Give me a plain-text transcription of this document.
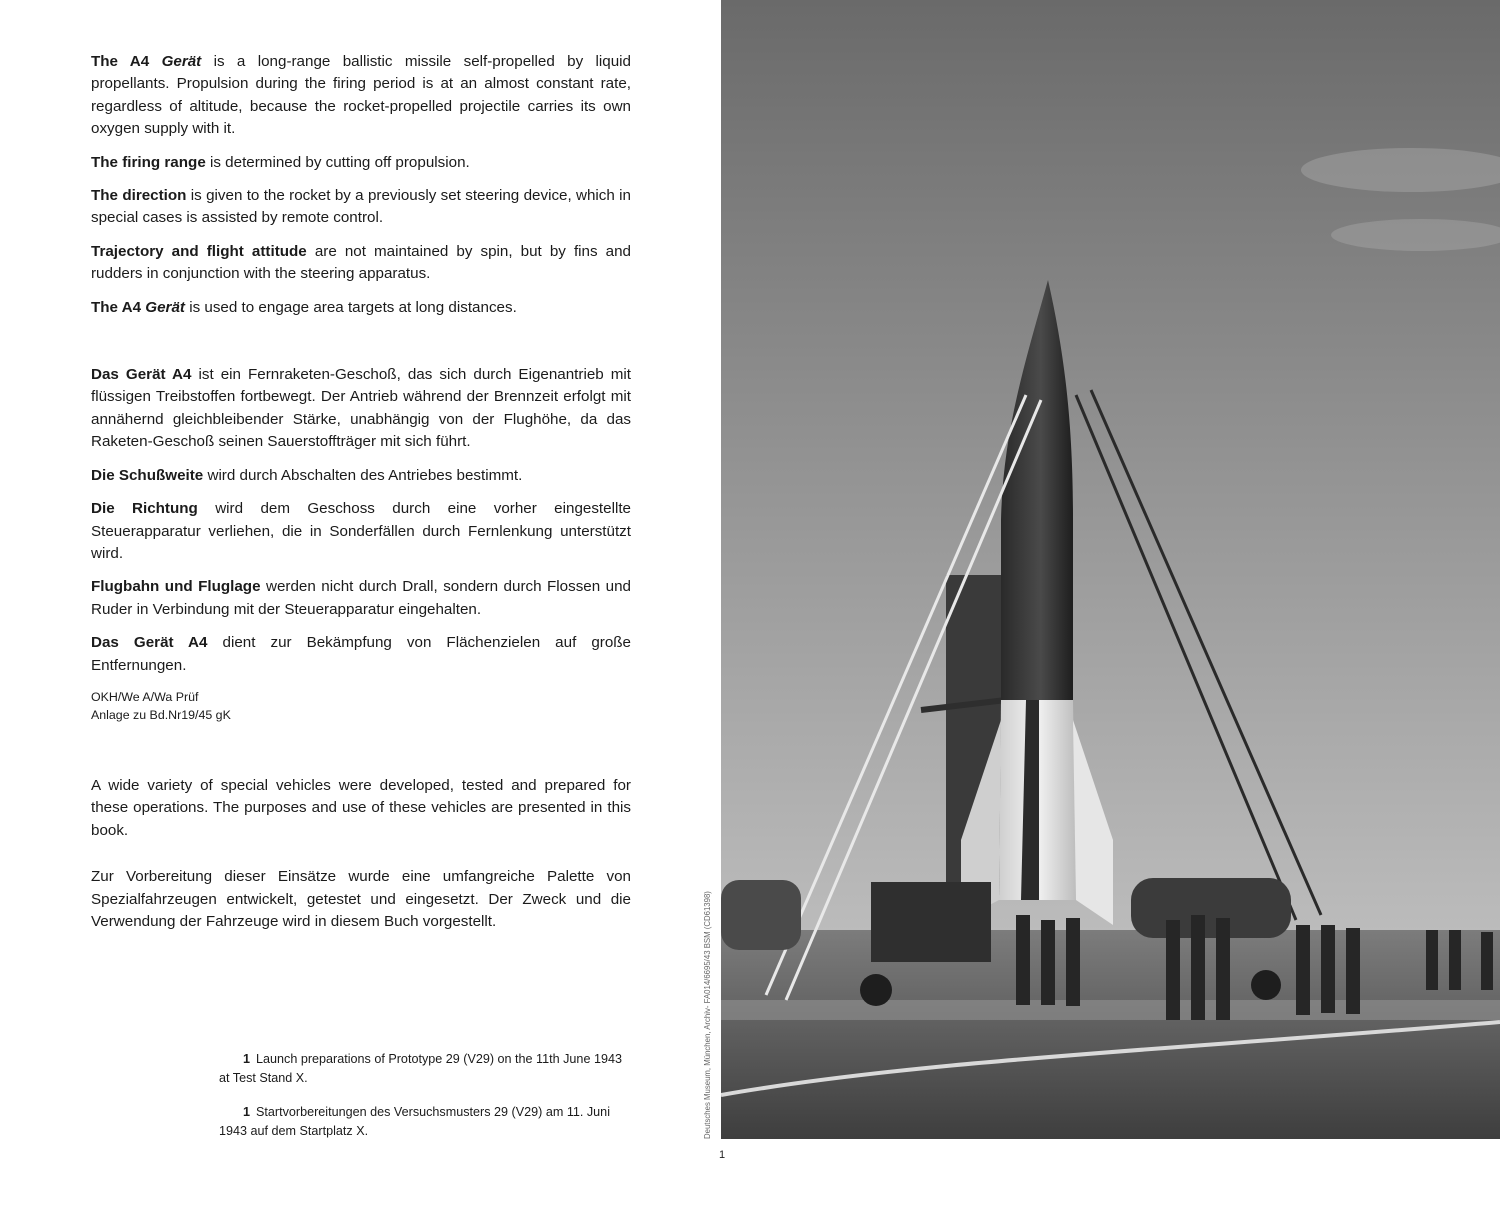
The A4 Gerät is a long-range ballistic missile self-propelled by liquid propellants. Propulsion during the firing period is at an almost constant rate, regardless of altitude, because the rocket-propelled projectile carries its own oxygen supply with it.

The firing range is determined by cutting off propulsion.

The direction is given to the rocket by a previously set steering device, which in special cases is assisted by remote control.

Trajectory and flight attitude are not maintained by spin, but by fins and rudders in conjunction with the steering apparatus.

The A4 Gerät is used to engage area targets at long distances.

Das Gerät A4 ist ein Fernraketen-Geschoß, das sich durch Eigenantrieb mit flüssigen Treibstoffen fortbewegt. Der Antrieb während der Brennzeit erfolgt mit annähernd gleichbleibender Stärke, unabhängig von der Flughöhe, da das Raketen-Geschoß seinen Sauerstoffträger mit sich führt.

Die Schußweite wird durch Abschalten des Antriebes bestimmt.

Die Richtung wird dem Geschoss durch eine vorher eingestellte Steuerapparatur verliehen, die in Sonderfällen durch Fernlenkung unterstützt wird.

Flugbahn und Fluglage werden nicht durch Drall, sondern durch Flossen und Ruder in Verbindung mit der Steuerapparatur eingehalten.

Das Gerät A4 dient zur Bekämpfung von Flächenzielen auf große Entfernungen.

OKH/We A/Wa Prüf
Anlage zu Bd.Nr19/45 gK

A wide variety of special vehicles were developed, tested and prepared for these operations. The purposes and use of these vehicles are presented in this book.

Zur Vorbereitung dieser Einsätze wurde eine umfangreiche Palette von Spezialfahrzeugen entwickelt, getestet und eingesetzt. Der Zweck und die Verwendung der Fahrzeuge wird in diesem Buch vorgestellt.

1 Launch preparations of Prototype 29 (V29) on the 11th June 1943 at Test Stand X.

1 Startvorbereitungen des Versuchsmusters 29 (V29) am 11. Juni 1943 auf dem Startplatz X.	Deutsches Museum, München, Archiv- FA014/6695/43 BSM (CD61398)
1
